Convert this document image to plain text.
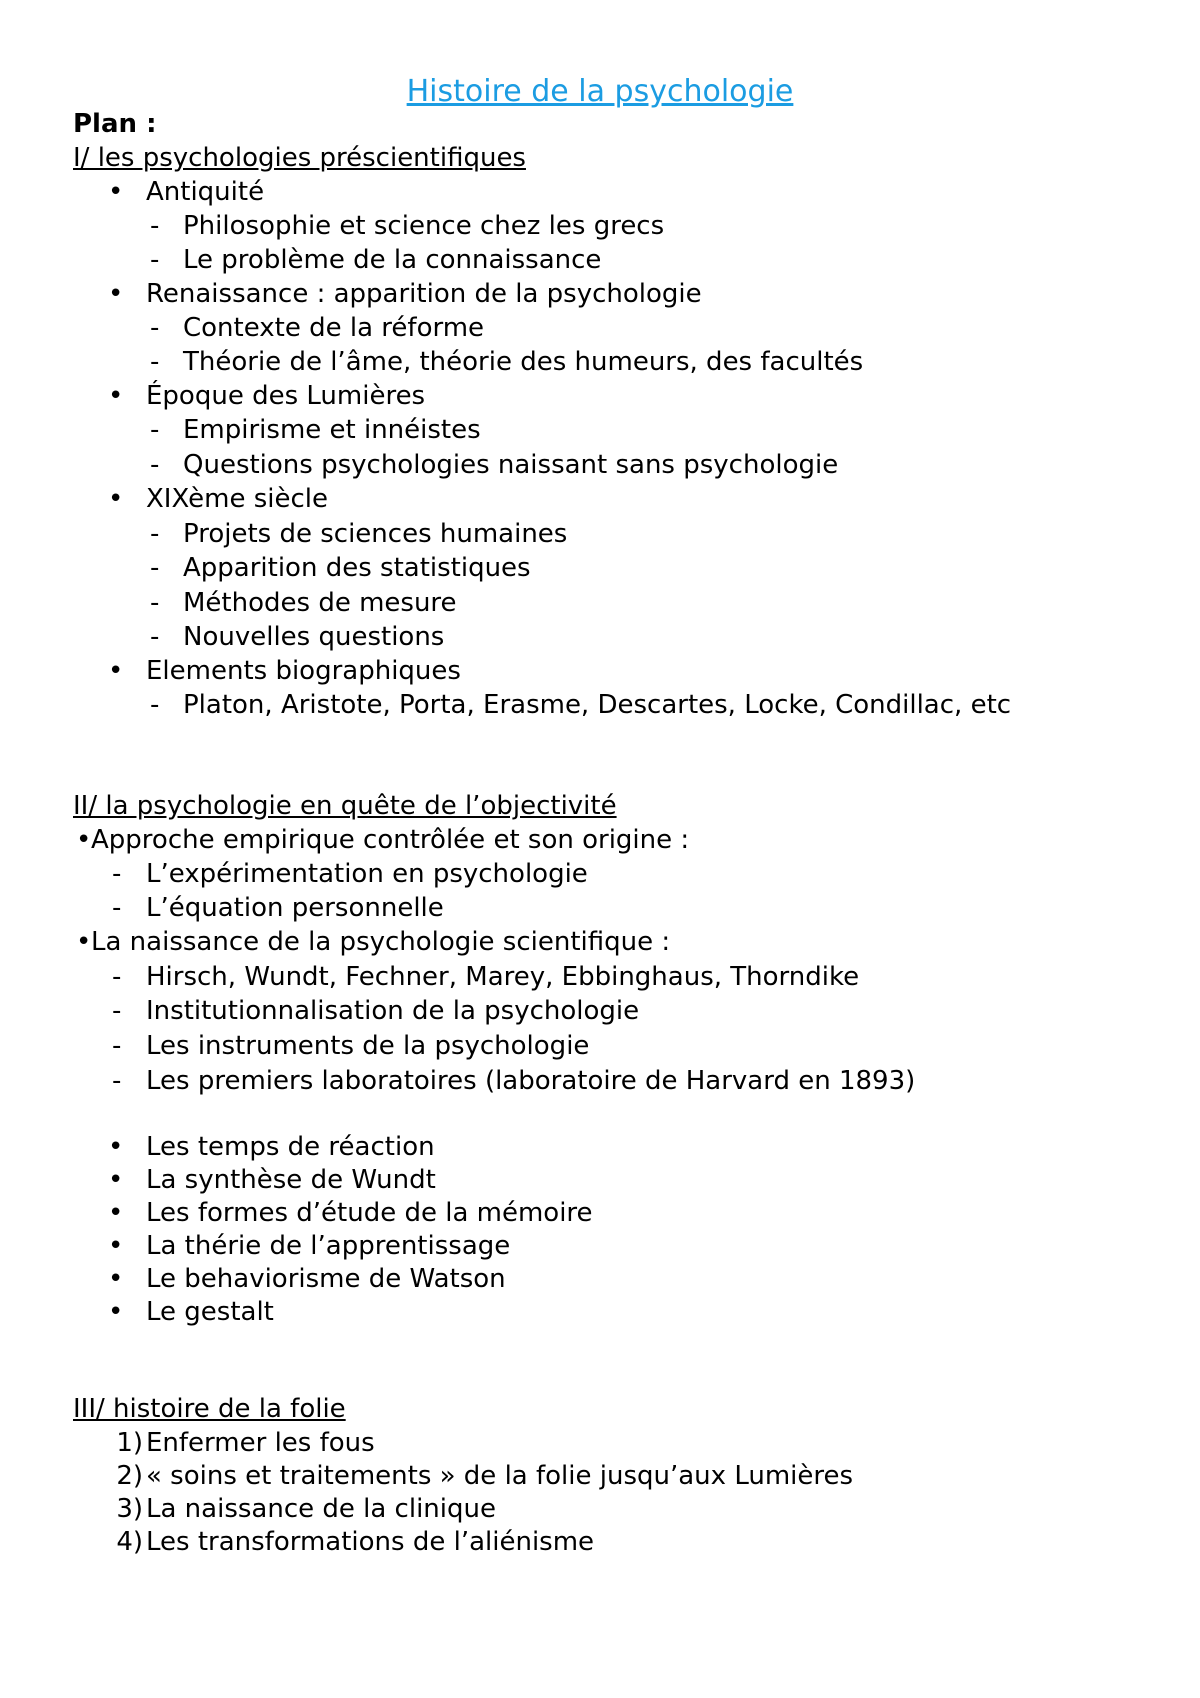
Histoire de la psychologie
Plan :
I/ les psychologies préscientifiques
• Antiquité
- Philosophie et science chez les grecs
- Le problème de la connaissance
• Renaissance : apparition de la psychologie
- Contexte de la réforme
- Théorie de l’âme, théorie des humeurs, des facultés
• Époque des Lumières
- Empirisme et innéistes
- Questions psychologies naissant sans psychologie
• XIXème siècle
- Projets de sciences humaines
- Apparition des statistiques
- Méthodes de mesure
- Nouvelles questions
• Elements biographiques
- Platon, Aristote, Porta, Erasme, Descartes, Locke, Condillac, etc
II/ la psychologie en quête de l’objectivité
• Approche empirique contrôlée et son origine :
- L’expérimentation en psychologie
- L’équation personnelle
• La naissance de la psychologie scientifique :
- Hirsch, Wundt, Fechner, Marey, Ebbinghaus, Thorndike
- Institutionnalisation de la psychologie
- Les instruments de la psychologie
- Les premiers laboratoires (laboratoire de Harvard en 1893)
• Les temps de réaction
• La synthèse de Wundt
• Les formes d’étude de la mémoire
• La thérie de l’apprentissage
• Le behaviorisme de Watson
• Le gestalt
III/ histoire de la folie
1) Enfermer les fous
2) « soins et traitements » de la folie jusqu’aux Lumières
3) La naissance de la clinique
4) Les transformations de l’aliénisme
